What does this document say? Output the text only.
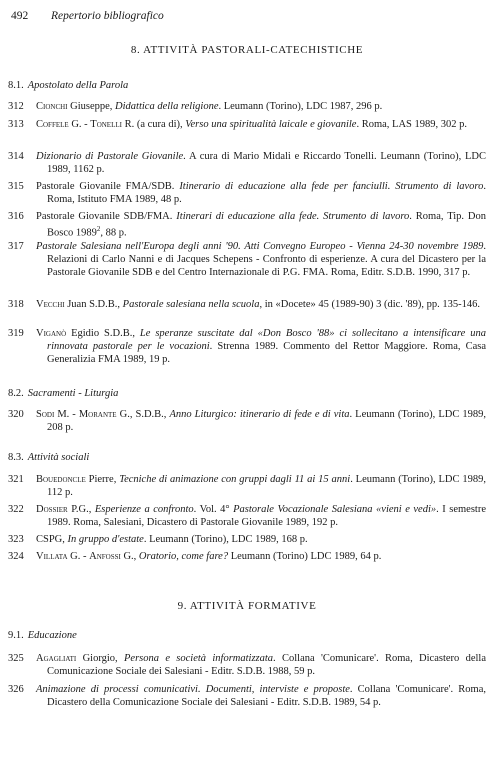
492 Repertorio bibliografico
8. ATTIVITÀ PASTORALI-CATECHISTICHE
8.1. Apostolato della Parola
312	Cionchi Giuseppe, Didattica della religione. Leumann (Torino), LDC 1987, 296 p.
313	Coffele G. - Tonelli R. (a cura di), Verso una spiritualità laicale e giovanile. Roma, LAS 1989, 302 p.
314	Dizionario di Pastorale Giovanile. A cura di Mario Midali e Riccardo Tonelli. Leumann (Torino), LDC 1989, 1162 p.
315	Pastorale Giovanile FMA/SDB. Itinerario di educazione alla fede per fanciulli. Strumento di lavoro. Roma, Istituto FMA 1989, 48 p.
316	Pastorale Giovanile SDB/FMA. Itinerari di educazione alla fede. Strumento di lavoro. Roma, Tip. Don Bosco 1989$^2$, 88 p.
317	Pastorale Salesiana nell'Europa degli anni '90. Atti Convegno Europeo - Vienna 24-30 novembre 1989. Relazioni di Carlo Nanni e di Jacques Schepens - Confronto di esperienze. A cura del Dicastero per la Pastorale Giovanile SDB e del Centro Internazionale di P.G. FMA. Roma, Editr. S.D.B. 1990, 317 p.
318	Vecchi Juan S.D.B., Pastorale salesiana nella scuola, in «Docete» 45 (1989-90) 3 (dic. '89), pp. 135-146.
319	Viganò Egidio S.D.B., Le speranze suscitate dal «Don Bosco '88» ci sollecitano a intensificare una rinnovata pastorale per le vocazioni. Strenna 1989. Commento del Rettor Maggiore. Roma, Casa Generalizia FMA 1989, 19 p.
8.2. Sacramenti - Liturgia
320	Sodi M. - Morante G., S.D.B., Anno Liturgico: itinerario di fede e di vita. Leumann (Torino), LDC 1989, 208 p.
8.3. Attività sociali
321	Bouedoncle Pierre, Tecniche di animazione con gruppi dagli 11 ai 15 anni. Leumann (Torino), LDC 1989, 112 p.
322	Dossier P.G., Esperienze a confronto. Vol. 4° Pastorale Vocazionale Salesiana «vieni e vedi». I semestre 1989. Roma, Salesiani, Dicastero di Pastorale Giovanile 1989, 192 p.
323	CSPG, In gruppo d'estate. Leumann (Torino), LDC 1989, 168 p.
324	Villata G. - Anfossi G., Oratorio, come fare? Leumann (Torino) LDC 1989, 64 p.
9. ATTIVITÀ FORMATIVE
9.1. Educazione
325	Agagliati Giorgio, Persona e società informatizzata. Collana 'Comunicare'. Roma, Dicastero della Comunicazione Sociale dei Salesiani - Editr. S.D.B. 1988, 59 p.
326	Animazione di processi comunicativi. Documenti, interviste e proposte. Collana 'Comunicare'. Roma, Dicastero della Comunicazione Sociale dei Salesiani - Editr. S.D.B. 1989, 54 p.
